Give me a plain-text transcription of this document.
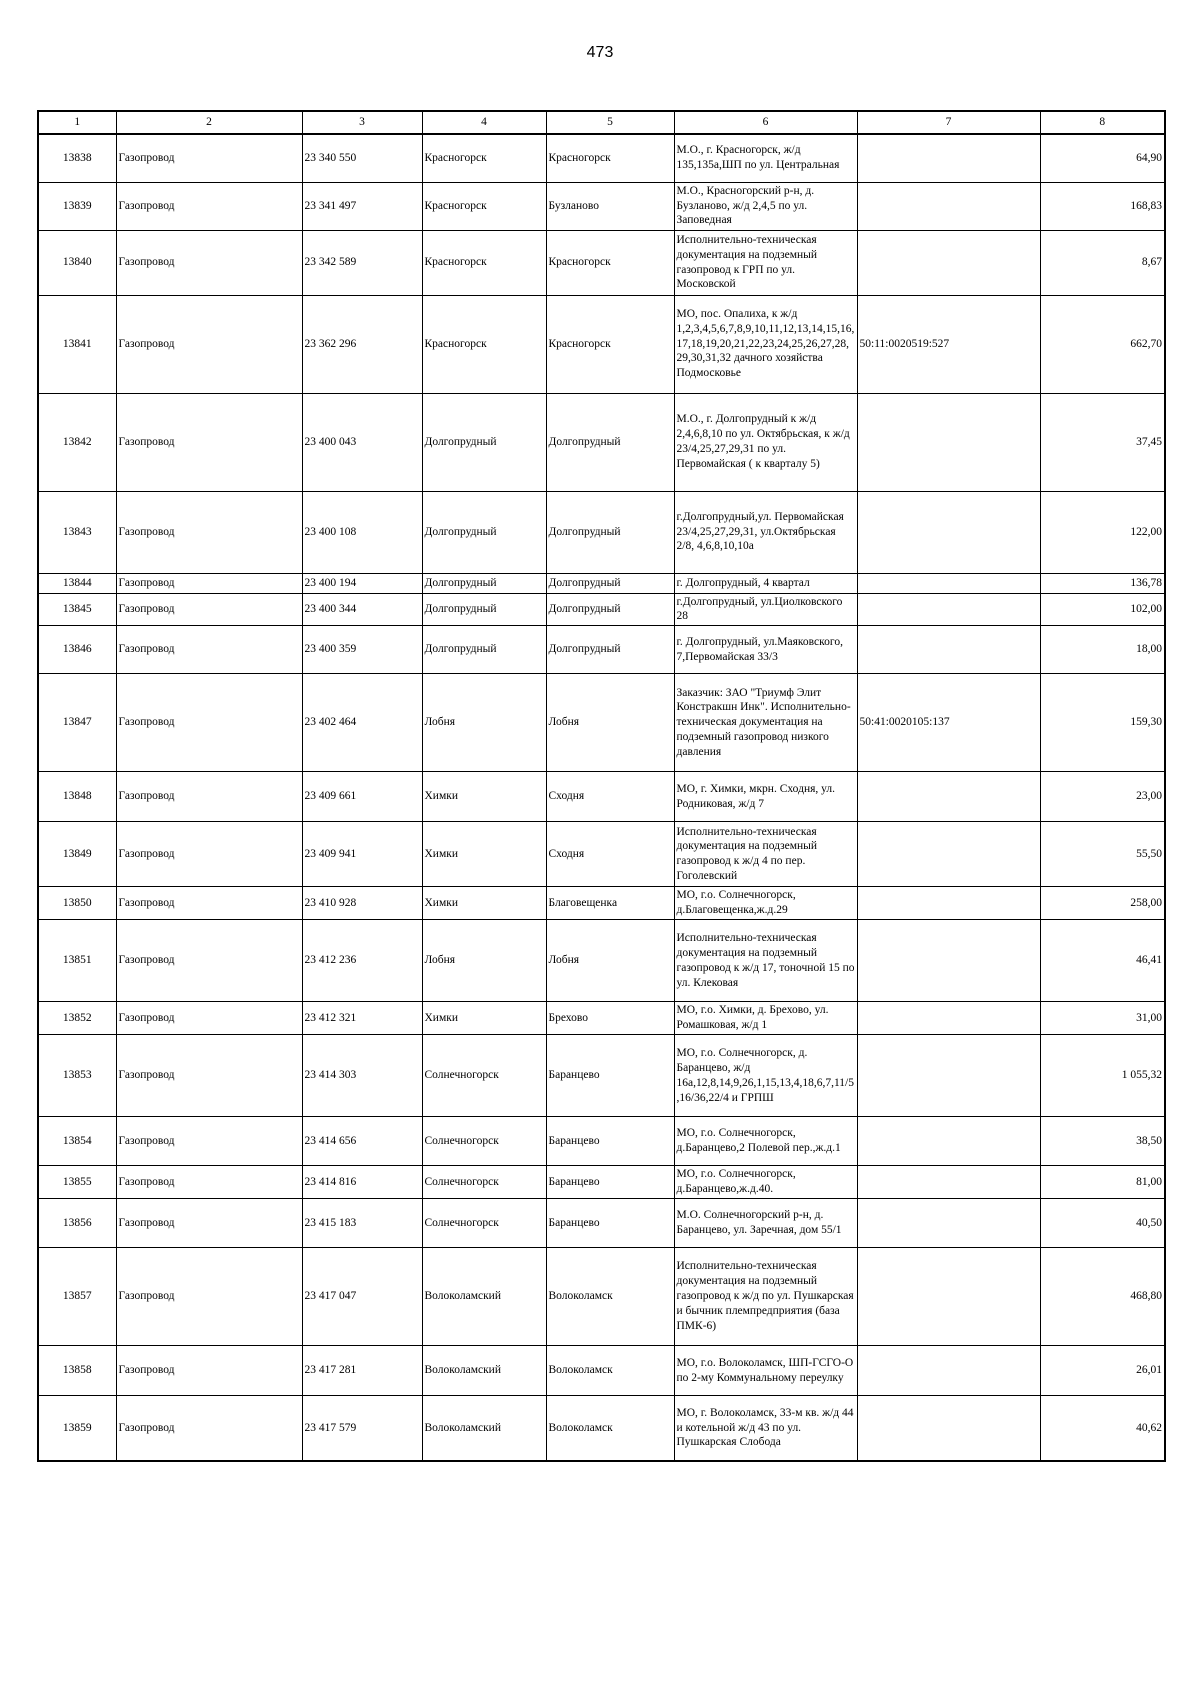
473
1	2	3	4	5	6	7	8
13838	Газопровод	23 340 550	Красногорск	Красногорск	М.О., г. Красногорск, ж/д 135,135а,ШП по ул. Центральная		64,90
13839	Газопровод	23 341 497	Красногорск	Бузланово	М.О., Красногорский р-н, д. Бузланово, ж/д 2,4,5 по ул. Заповедная		168,83
13840	Газопровод	23 342 589	Красногорск	Красногорск	Исполнительно-техническая документация на подземный газопровод к ГРП по ул. Московской		8,67
13841	Газопровод	23 362 296	Красногорск	Красногорск	МО, пос. Опалиха, к ж/д 1,2,3,4,5,6,7,8,9,10,11,12,13,14,15,16,17,18,19,20,21,22,23,24,25,26,27,28,29,30,31,32 дачного хозяйства Подмосковье	50:11:0020519:527	662,70
13842	Газопровод	23 400 043	Долгопрудный	Долгопрудный	М.О., г. Долгопрудный к ж/д 2,4,6,8,10 по ул. Октябрьская, к ж/д 23/4,25,27,29,31 по ул. Первомайская ( к кварталу 5)		37,45
13843	Газопровод	23 400 108	Долгопрудный	Долгопрудный	г.Долгопрудный,ул. Первомайская 23/4,25,27,29,31, ул.Октябрьская 2/8, 4,6,8,10,10а		122,00
13844	Газопровод	23 400 194	Долгопрудный	Долгопрудный	г. Долгопрудный, 4 квартал		136,78
13845	Газопровод	23 400 344	Долгопрудный	Долгопрудный	г.Долгопрудный, ул.Циолковского 28		102,00
13846	Газопровод	23 400 359	Долгопрудный	Долгопрудный	г. Долгопрудный, ул.Маяковского, 7,Первомайская 33/3		18,00
13847	Газопровод	23 402 464	Лобня	Лобня	Заказчик: ЗАО "Триумф Элит Констракшн Инк". Исполнительно-техническая документация на подземный газопровод низкого давления	50:41:0020105:137	159,30
13848	Газопровод	23 409 661	Химки	Сходня	МО, г. Химки, мкрн. Сходня, ул. Родниковая, ж/д 7		23,00
13849	Газопровод	23 409 941	Химки	Сходня	Исполнительно-техническая документация на подземный газопровод к ж/д 4 по пер. Гоголевский		55,50
13850	Газопровод	23 410 928	Химки	Благовещенка	МО, г.о. Солнечногорск, д.Благовещенка,ж.д.29		258,00
13851	Газопровод	23 412 236	Лобня	Лобня	Исполнительно-техническая документация на подземный газопровод к ж/д 17, тоночной 15 по ул. Клековая		46,41
13852	Газопровод	23 412 321	Химки	Брехово	МО, г.о. Химки, д. Брехово, ул. Ромашковая, ж/д 1		31,00
13853	Газопровод	23 414 303	Солнечногорск	Баранцево	МО, г.о. Солнечногорск, д. Баранцево, ж/д 16а,12,8,14,9,26,1,15,13,4,18,6,7,11/5,16/36,22/4 и ГРПШ		1 055,32
13854	Газопровод	23 414 656	Солнечногорск	Баранцево	МО, г.о. Солнечногорск, д.Баранцево,2 Полевой пер.,ж.д.1		38,50
13855	Газопровод	23 414 816	Солнечногорск	Баранцево	МО, г.о. Солнечногорск, д.Баранцево,ж.д.40.		81,00
13856	Газопровод	23 415 183	Солнечногорск	Баранцево	М.О. Солнечногорский р-н, д. Баранцево, ул. Заречная, дом 55/1		40,50
13857	Газопровод	23 417 047	Волоколамский	Волоколамск	Исполнительно-техническая документация на подземный газопровод к ж/д по ул. Пушкарская и бычник племпредприятия (база ПМК-6)		468,80
13858	Газопровод	23 417 281	Волоколамский	Волоколамск	МО, г.о. Волоколамск, ШП-ГСГО-О по 2-му Коммунальному переулку		26,01
13859	Газопровод	23 417 579	Волоколамский	Волоколамск	МО, г. Волоколамск, 33-м кв. ж/д 44 и котельной ж/д 43 по ул. Пушкарская Слобода		40,62
